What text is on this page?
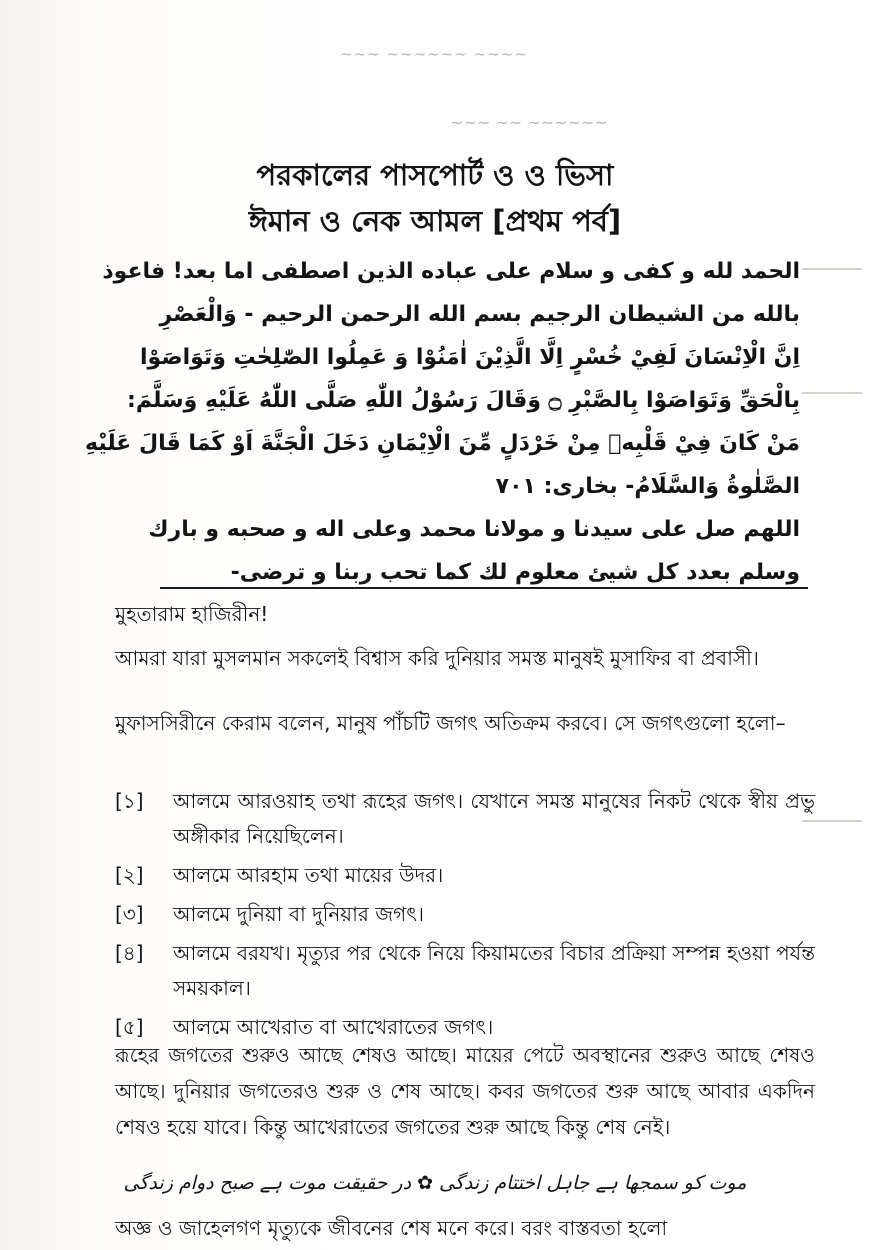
~~~ ~~~~~~ ~~~~
~~~ ~~ ~~~~~~
পরকালের পাসপোর্ট ও ও ভিসা
ঈমান ও নেক আমল [প্রথম পর্ব]
الحمد لله و كفى و سلام على عباده الذين اصطفى اما بعد! فاعوذ
بالله من الشيطان الرجيم بسم الله الرحمن الرحيم - وَالْعَصْرِ
اِنَّ الْاِنْسَانَ لَفِيْ خُسْرٍ اِلَّا الَّذِيْنَ اٰمَنُوْا وَ عَمِلُوا الصّٰلِحٰتِ وَتَوَاصَوْا
بِالْحَقِّ وَتَوَاصَوْا بِالصَّبْرِ ۝ وَقَالَ رَسُوْلُ اللّٰهِ صَلَّى اللّٰهُ عَلَيْهِ وَسَلَّمَ:
مَنْ كَانَ فِيْ قَلْبِهٖ مِنْ خَرْدَلٍ مِّنَ الْاِيْمَانِ دَخَلَ الْجَنَّةَ اَوْ كَمَا قَالَ عَلَيْهِ
الصَّلٰوةُ وَالسَّلَامُ- بخارى: ٧٠١
اللهم صل على سيدنا و مولانا محمد وعلى اله و صحبه و بارك
وسلم بعدد كل شيئ معلوم لك كما تحب ربنا و ترضى-
মুহতারাম হাজিরীন!
আমরা যারা মুসলমান সকলেই বিশ্বাস করি দুনিয়ার সমস্ত মানুষই মুসাফির বা প্রবাসী।
মুফাসসিরীনে কেরাম বলেন, মানুষ পাঁচটি জগৎ অতিক্রম করবে। সে জগৎগুলো হলো–
[১]	আলমে আরওয়াহ তথা রূহের জগৎ। যেখানে সমস্ত মানুষের নিকট থেকে স্বীয় প্রভু অঙ্গীকার নিয়েছিলেন।
[২]	আলমে আরহাম তথা মায়ের উদর।
[৩]	আলমে দুনিয়া বা দুনিয়ার জগৎ।
[৪]	আলমে বরযখ। মৃত্যুর পর থেকে নিয়ে কিয়ামতের বিচার প্রক্রিয়া সম্পন্ন হওয়া পর্যন্ত সময়কাল।
[৫]	আলমে আখেরাত বা আখেরাতের জগৎ।
রূহের জগতের শুরুও আছে শেষও আছে। মায়ের পেটে অবস্থানের শুরুও আছে শেষও আছে। দুনিয়ার জগতেরও শুরু ও শেষ আছে। কবর জগতের শুরু আছে আবার একদিন শেষও হয়ে যাবে। কিন্তু আখেরাতের জগতের শুরু আছে কিন্তু শেষ নেই।
موت کو سمجھا ہے جاہل اختتام زندگی ✿ در حقیقت موت ہے صبح دوام زندگی
অজ্ঞ ও জাহেলগণ মৃত্যুকে জীবনের শেষ মনে করে। বরং বাস্তবতা হলো
